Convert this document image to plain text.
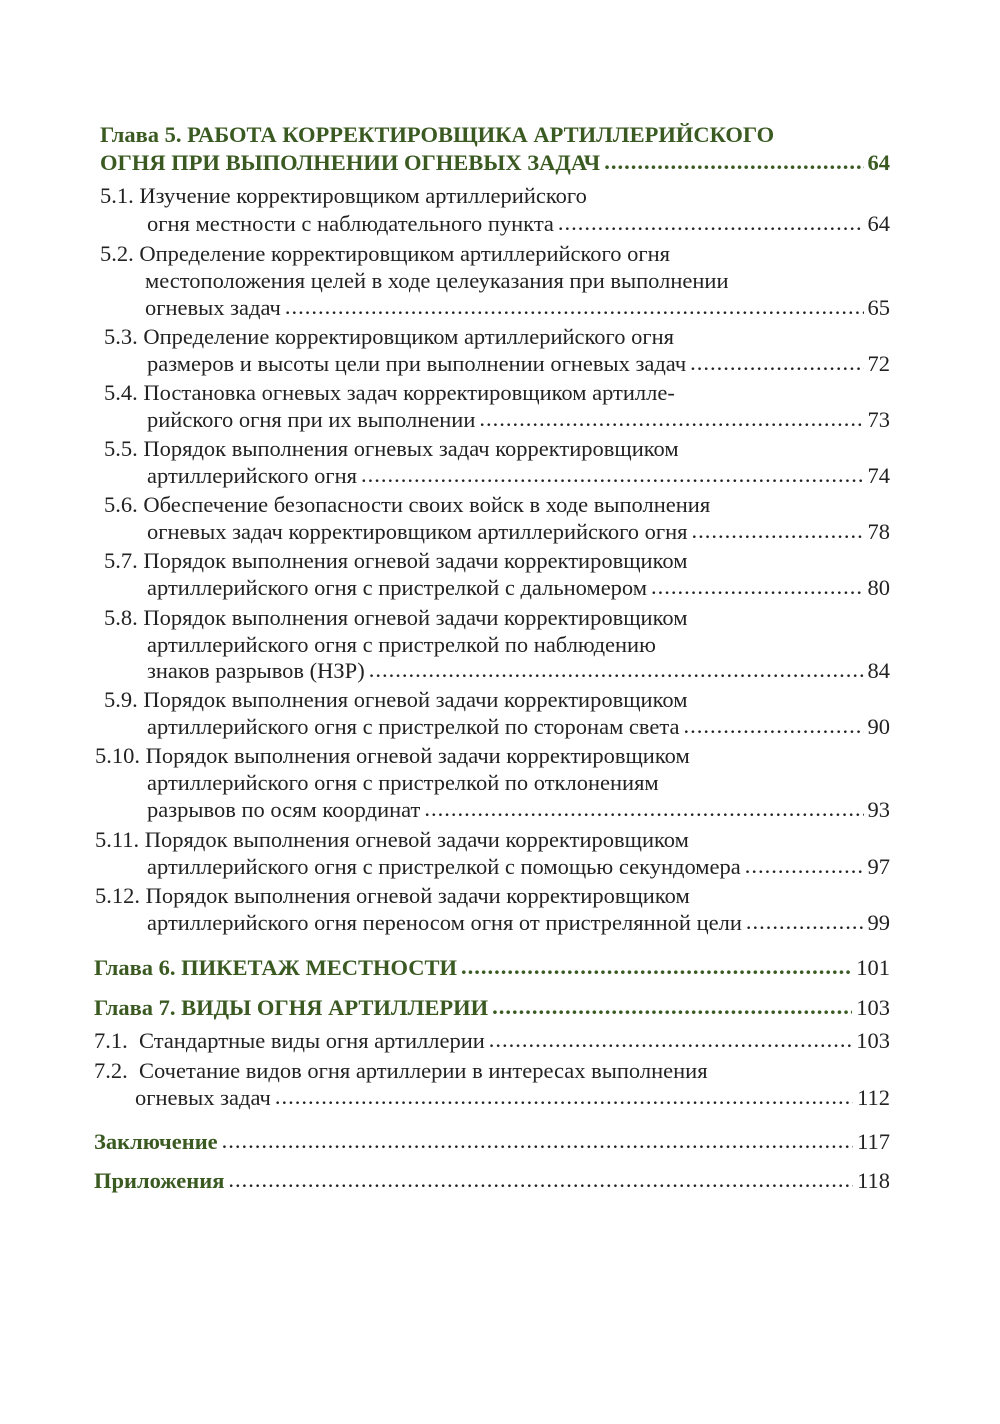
Глава 5. РАБОТА КОРРЕКТИРОВЩИКА АРТИЛЛЕРИЙСКОГО
ОГНЯ ПРИ ВЫПОЛНЕНИИ ОГНЕВЫХ ЗАДАЧ .....	64
5.1.
Изучение корректировщиком артиллерийского
огня местности с наблюдательного пункта .....	64
5.2.
Определение корректировщиком артиллерийского огня
местоположения целей в ходе целеуказания при выполнении
огневых задач .....	65
5.3.
Определение корректировщиком артиллерийского огня
размеров и высоты цели при выполнении огневых задач .....	72
5.4.
Постановка огневых задач корректировщиком артилле-
рийского огня при их выполнении .....	73
5.5.
Порядок выполнения огневых задач корректировщиком
артиллерийского огня .....	74
5.6.
Обеспечение безопасности своих войск в ходе выполнения
огневых задач корректировщиком артиллерийского огня .....	78
5.7.
Порядок выполнения огневой задачи корректировщиком
артиллерийского огня с пристрелкой с дальномером .....	80
5.8.
Порядок выполнения огневой задачи корректировщиком
артиллерийского огня с пристрелкой по наблюдению
знаков разрывов (НЗР) .....	84
5.9.
Порядок выполнения огневой задачи корректировщиком
артиллерийского огня с пристрелкой по сторонам света .....	90
5.10.
Порядок выполнения огневой задачи корректировщиком
артиллерийского огня с пристрелкой по отклонениям
разрывов по осям координат .....	93
5.11.
Порядок выполнения огневой задачи корректировщиком
артиллерийского огня с пристрелкой с помощью секундомера .....	97
5.12.
Порядок выполнения огневой задачи корректировщиком
артиллерийского огня переносом огня от пристрелянной цели .....	99
Глава 6. ПИКЕТАЖ МЕСТНОСТИ .....	101
Глава 7. ВИДЫ ОГНЯ АРТИЛЛЕРИИ .....	103
7.1. Стандартные виды огня артиллерии .....	103
7.2.
Сочетание видов огня артиллерии в интересах выполнения
огневых задач .....	112
Заключение .....	117
Приложения .....	118
